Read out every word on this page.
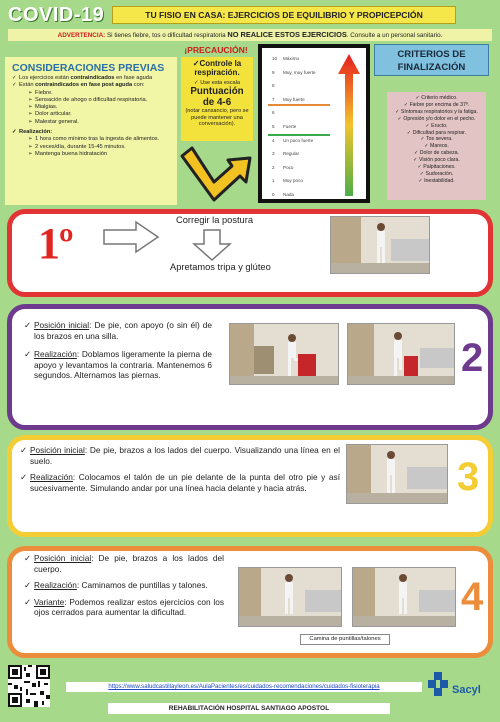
COVID-19	TU FISIO EN CASA: EJERCICIOS DE EQUILIBRIO Y PROPICEPCIÓN
ADVERTENCIA: Si tienes fiebre, tos o dificultad respiratoria NO REALICE ESTOS EJERCICIOS. Consulte a un personal sanitario.
CONSIDERACIONES PREVIAS
✓ Los ejercicios están contraindicados en fase aguda
✓ Están contraindicados en fase post aguda con:
➢ Fiebre.
➢ Sensación de ahogo o dificultad respiratoria.
➢ Mialgias.
➢ Dolor articular.
➢ Malestar general.
✓ Realización:
➢ 1 hora como mínimo tras la ingesta de alimentos.
➢ 2 veces/día, durante 15-45 minutos.
➢ Mantenga buena hidratación
¡PRECAUCIÓN!
✓Controle la respiración.
✓ Use esta escala
Puntuación de 4-6
(notar cansancio, pero se puede mantener una conversación).
10 Máximo
9 Muy, muy fuerte
8
7 Muy fuerte
6
5 Fuerte
4 Un poco fuerte
3 Regular
2 Poco
1 Muy poco
0 Nada
CRITERIOS DE FINALIZACIÓN
✓ Criterio médico.
✓ Fiebre por encima de 37º.
✓ Síntomas respiratorios y la fatiga.
✓ Opresión y/o dolor en el pecho.
✓ Eructo.
✓ Dificultad para respirar.
✓ Tos severa.
✓ Mareos.
✓ Dolor de cabeza.
✓ Visión poco clara.
✓ Palpitaciones.
✓ Sudoración.
✓ Inestabilidad.
1º	Corregir la postura
Apretamos tripa y glúteo
✓ Posición inicial: De pie, con apoyo (o sin él) de los brazos en una silla.
✓ Realización: Doblamos ligeramente la pierna de apoyo y levantamos la contraria. Mantenemos 6 segundos. Alternamos las piernas.	2
✓ Posición inicial: De pie, brazos a los lados del cuerpo. Visualizando una línea en el suelo.
✓ Realización: Colocamos el talón de un pie delante de la punta del otro pie y así sucesivamente. Simulando andar por una línea hacia delante y hacia atrás.	3
✓ Posición inicial: De pie, brazos a los lados del cuerpo.
✓ Realización: Caminamos de puntillas y talones.
✓ Variante: Podemos realizar estos ejercicios con los ojos cerrados para aumentar la dificultad.
Camina de puntillas/talones
4
https://www.saludcastillayleon.es/AulaPacientes/es/cuidados-recomendaciones/cuidados-fisioterapia
REHABILITACIÓN HOSPITAL SANTIAGO APOSTOL
Sacyl
